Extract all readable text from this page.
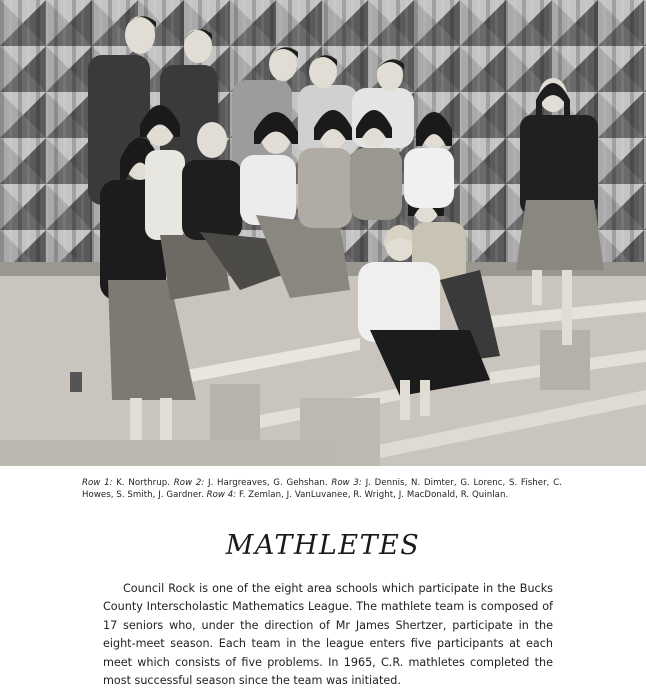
Row 1: K. Northrup. Row 2: J. Hargreaves, G. Gehshan. Row 3: J. Dennis, N. Dimter, G. Lorenc, S. Fisher, C. Howes, S. Smith, J. Gardner. Row 4: F. Zemlan, J. VanLuvanee, R. Wright, J. MacDonald, R. Quinlan.
MATHLETES
Council Rock is one of the eight area schools which participate in the Bucks County Interscholastic Mathematics League. The mathlete team is composed of 17 seniors who, under the direction of Mr James Shertzer, participate in the eight-meet season. Each team in the league enters five participants at each meet which consists of five problems. In 1965, C.R. mathletes completed the most successful season since the team was initiated.
